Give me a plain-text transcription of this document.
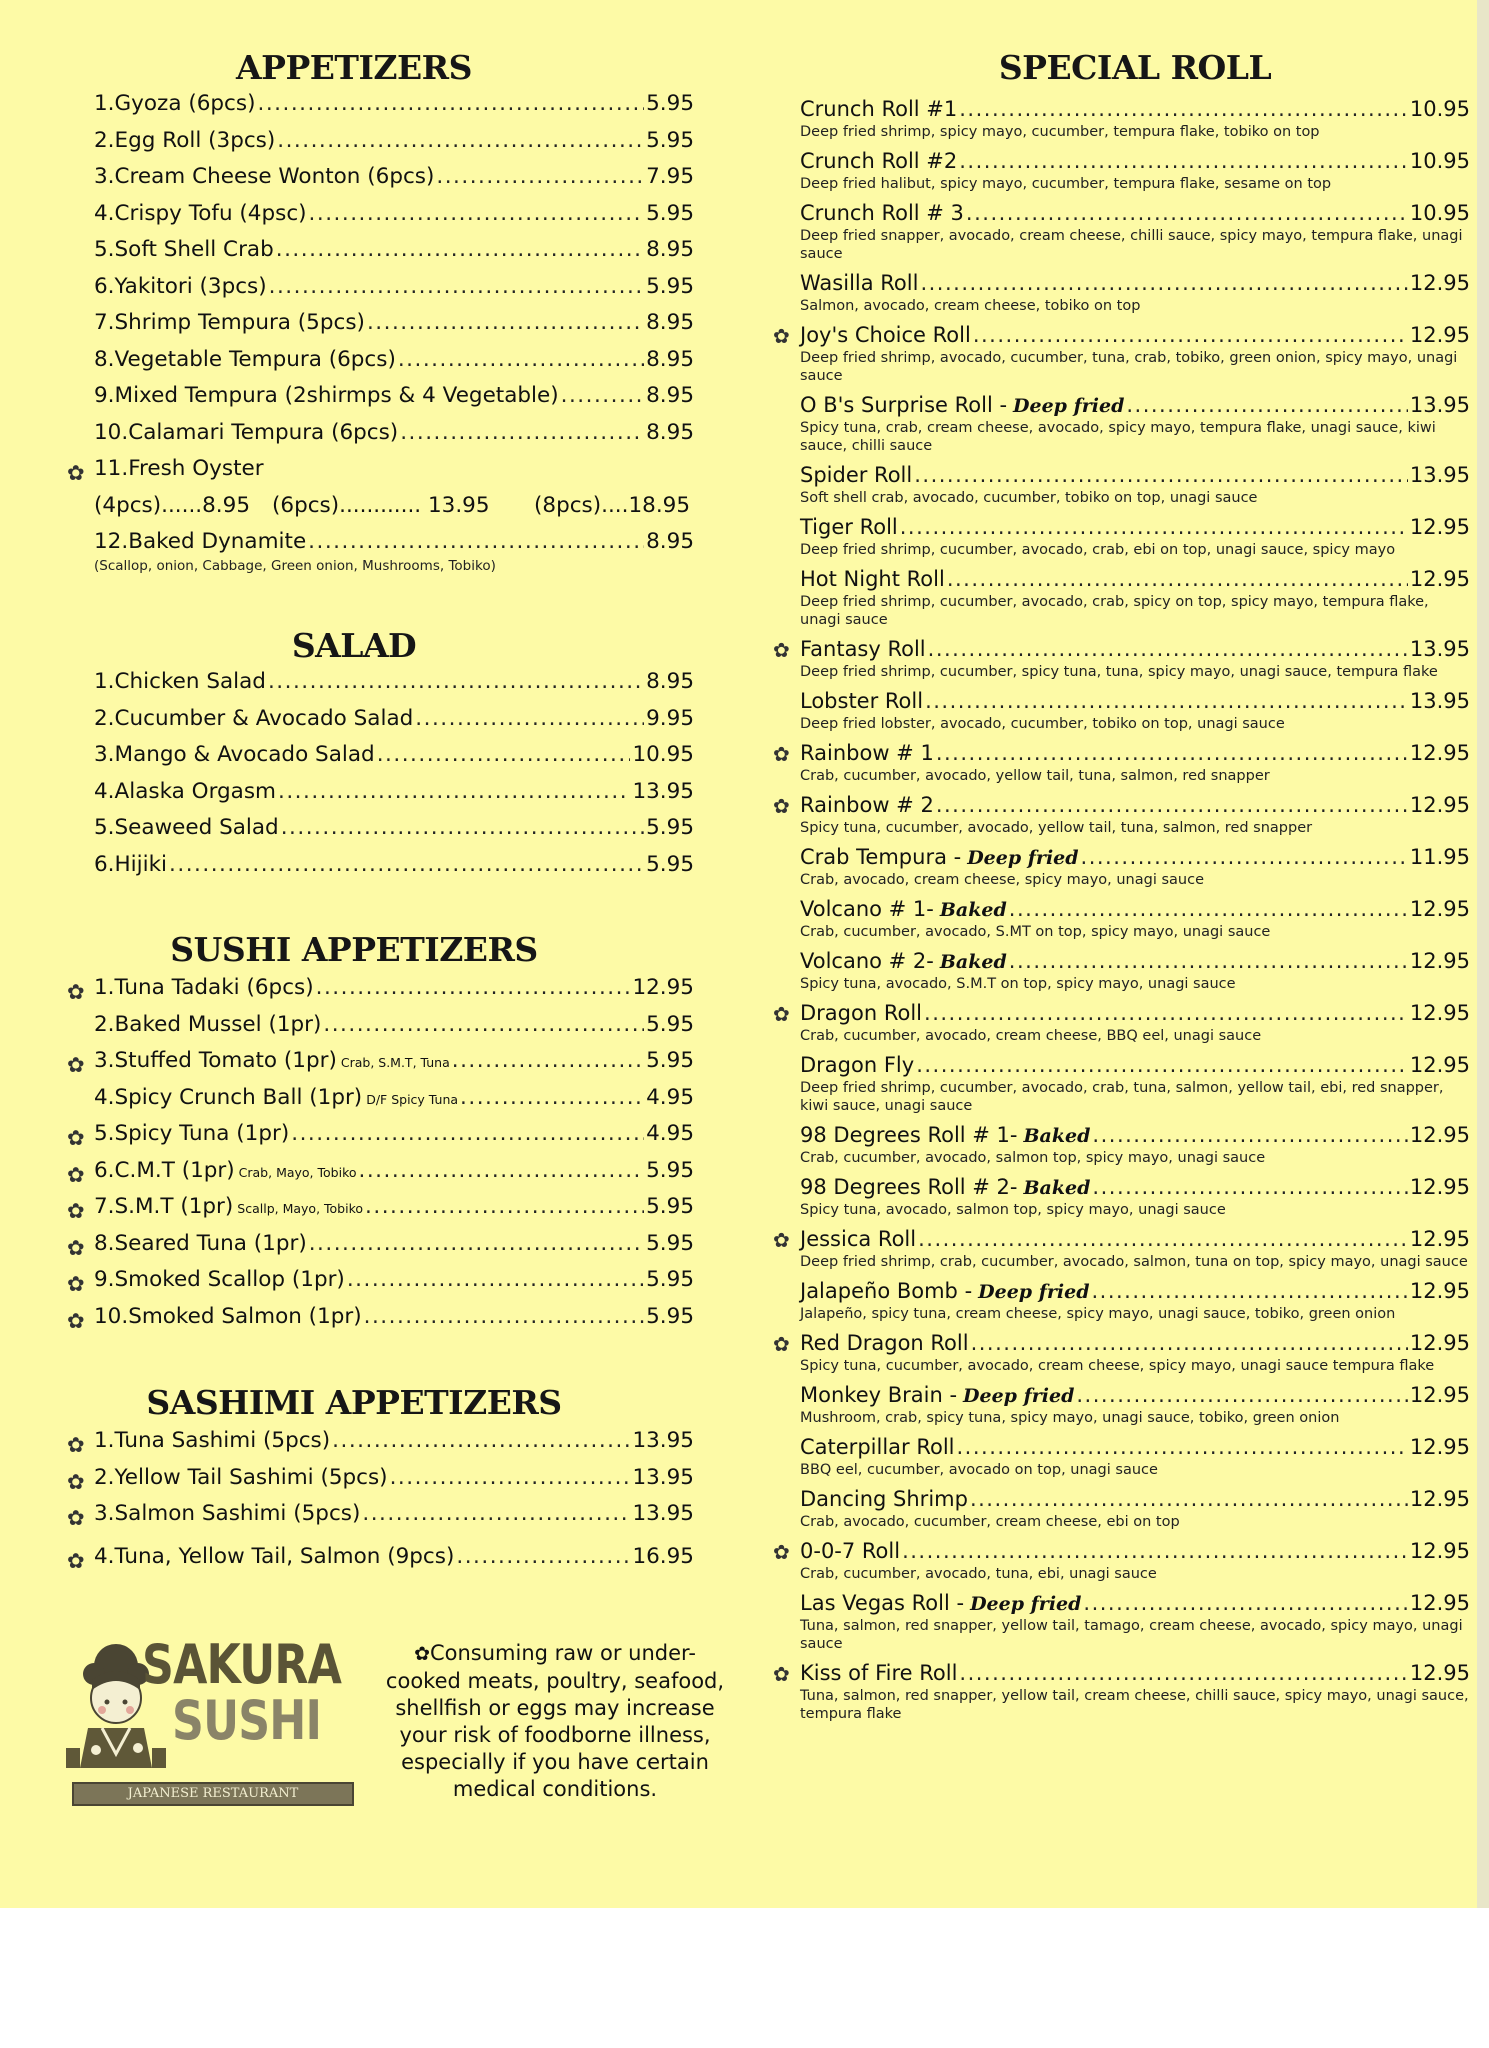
APPETIZERS
1.Gyoza (6pcs) .....	5.95
2.Egg Roll (3pcs) .....	5.95
3.Cream Cheese Wonton (6pcs) .....	7.95
4.Crispy Tofu (4psc) .....	5.95
5.Soft Shell Crab .....	8.95
6.Yakitori (3pcs) .....	5.95
7.Shrimp Tempura (5pcs) .....	8.95
8.Vegetable Tempura (6pcs) .....	8.95
9.Mixed Tempura (2shirmps & 4 Vegetable) .....	8.95
10.Calamari Tempura (6pcs) .....	8.95
✿ 11.Fresh Oyster
(4pcs)......8.95	(6pcs)............ 13.95	(8pcs)....18.95
12.Baked Dynamite .....	8.95
(Scallop, onion, Cabbage, Green onion, Mushrooms, Tobiko)
SALAD
1.Chicken Salad .....	8.95
2.Cucumber & Avocado Salad .....	9.95
3.Mango & Avocado Salad .....	10.95
4.Alaska Orgasm .....	13.95
5.Seaweed Salad .....	5.95
6.Hijiki .....	5.95
SUSHI APPETIZERS
✿ 1.Tuna Tadaki (6pcs) .....	12.95
2.Baked Mussel (1pr) .....	5.95
✿ 3.Stuffed Tomato (1pr) Crab, S.M.T, Tuna .....	5.95
4.Spicy Crunch Ball (1pr) D/F Spicy Tuna .....	4.95
✿ 5.Spicy Tuna (1pr) .....	4.95
✿ 6.C.M.T (1pr) Crab, Mayo, Tobiko .....	5.95
✿ 7.S.M.T (1pr) Scallp, Mayo, Tobiko .....	5.95
✿ 8.Seared Tuna (1pr) .....	5.95
✿ 9.Smoked Scallop (1pr) .....	5.95
✿ 10.Smoked Salmon (1pr) .....	5.95
SASHIMI APPETIZERS
✿ 1.Tuna Sashimi (5pcs) .....	13.95
✿ 2.Yellow Tail Sashimi (5pcs) .....	13.95
✿ 3.Salmon Sashimi (5pcs) .....	13.95
✿ 4.Tuna, Yellow Tail, Salmon (9pcs) .....	16.95
SAKURA
SUSHI
JAPANESE RESTAURANT
✿Consuming raw or under-cooked meats, poultry, seafood, shellfish or eggs may increase your risk of foodborne illness, especially if you have certain medical conditions.
SPECIAL ROLL
Crunch Roll #1 .....	10.95
Deep fried shrimp, spicy mayo, cucumber, tempura flake, tobiko on top
Crunch Roll #2 .....	10.95
Deep fried halibut, spicy mayo, cucumber, tempura flake, sesame on top
Crunch Roll # 3 .....	10.95
Deep fried snapper, avocado, cream cheese, chilli sauce, spicy mayo, tempura flake, unagi sauce
Wasilla Roll .....	12.95
Salmon, avocado, cream cheese, tobiko on top
✿ Joy's Choice Roll .....	12.95
Deep fried shrimp, avocado, cucumber, tuna, crab, tobiko, green onion, spicy mayo, unagi sauce
O B's Surprise Roll - Deep fried .....	13.95
Spicy tuna, crab, cream cheese, avocado, spicy mayo, tempura flake, unagi sauce, kiwi sauce, chilli sauce
Spider Roll .....	13.95
Soft shell crab, avocado, cucumber, tobiko on top, unagi sauce
Tiger Roll .....	12.95
Deep fried shrimp, cucumber, avocado, crab, ebi on top, unagi sauce, spicy mayo
Hot Night Roll .....	12.95
Deep fried shrimp, cucumber, avocado, crab, spicy on top, spicy mayo, tempura flake, unagi sauce
✿ Fantasy Roll .....	13.95
Deep fried shrimp, cucumber, spicy tuna, tuna, spicy mayo, unagi sauce, tempura flake
Lobster Roll .....	13.95
Deep fried lobster, avocado, cucumber, tobiko on top, unagi sauce
✿ Rainbow # 1 .....	12.95
Crab, cucumber, avocado, yellow tail, tuna, salmon, red snapper
✿ Rainbow # 2 .....	12.95
Spicy tuna, cucumber, avocado, yellow tail, tuna, salmon, red snapper
Crab Tempura - Deep fried .....	11.95
Crab, avocado, cream cheese, spicy mayo, unagi sauce
Volcano # 1- Baked .....	12.95
Crab, cucumber, avocado, S.MT on top, spicy mayo, unagi sauce
Volcano # 2- Baked .....	12.95
Spicy tuna, avocado, S.M.T on top, spicy mayo, unagi sauce
✿ Dragon Roll .....	12.95
Crab, cucumber, avocado, cream cheese, BBQ eel, unagi sauce
Dragon Fly .....	12.95
Deep fried shrimp, cucumber, avocado, crab, tuna, salmon, yellow tail, ebi, red snapper, kiwi sauce, unagi sauce
98 Degrees Roll # 1- Baked .....	12.95
Crab, cucumber, avocado, salmon top, spicy mayo, unagi sauce
98 Degrees Roll # 2- Baked .....	12.95
Spicy tuna, avocado, salmon top, spicy mayo, unagi sauce
✿ Jessica Roll .....	12.95
Deep fried shrimp, crab, cucumber, avocado, salmon, tuna on top, spicy mayo, unagi sauce
Jalapeño Bomb - Deep fried .....	12.95
Jalapeño, spicy tuna, cream cheese, spicy mayo, unagi sauce, tobiko, green onion
✿ Red Dragon Roll .....	12.95
Spicy tuna, cucumber, avocado, cream cheese, spicy mayo, unagi sauce tempura flake
Monkey Brain - Deep fried .....	12.95
Mushroom, crab, spicy tuna, spicy mayo, unagi sauce, tobiko, green onion
Caterpillar Roll .....	12.95
BBQ eel, cucumber, avocado on top, unagi sauce
Dancing Shrimp .....	12.95
Crab, avocado, cucumber, cream cheese, ebi on top
✿ 0-0-7 Roll .....	12.95
Crab, cucumber, avocado, tuna, ebi, unagi sauce
Las Vegas Roll - Deep fried .....	12.95
Tuna, salmon, red snapper, yellow tail, tamago, cream cheese, avocado, spicy mayo, unagi sauce
✿ Kiss of Fire Roll .....	12.95
Tuna, salmon, red snapper, yellow tail, cream cheese, chilli sauce, spicy mayo, unagi sauce, tempura flake
